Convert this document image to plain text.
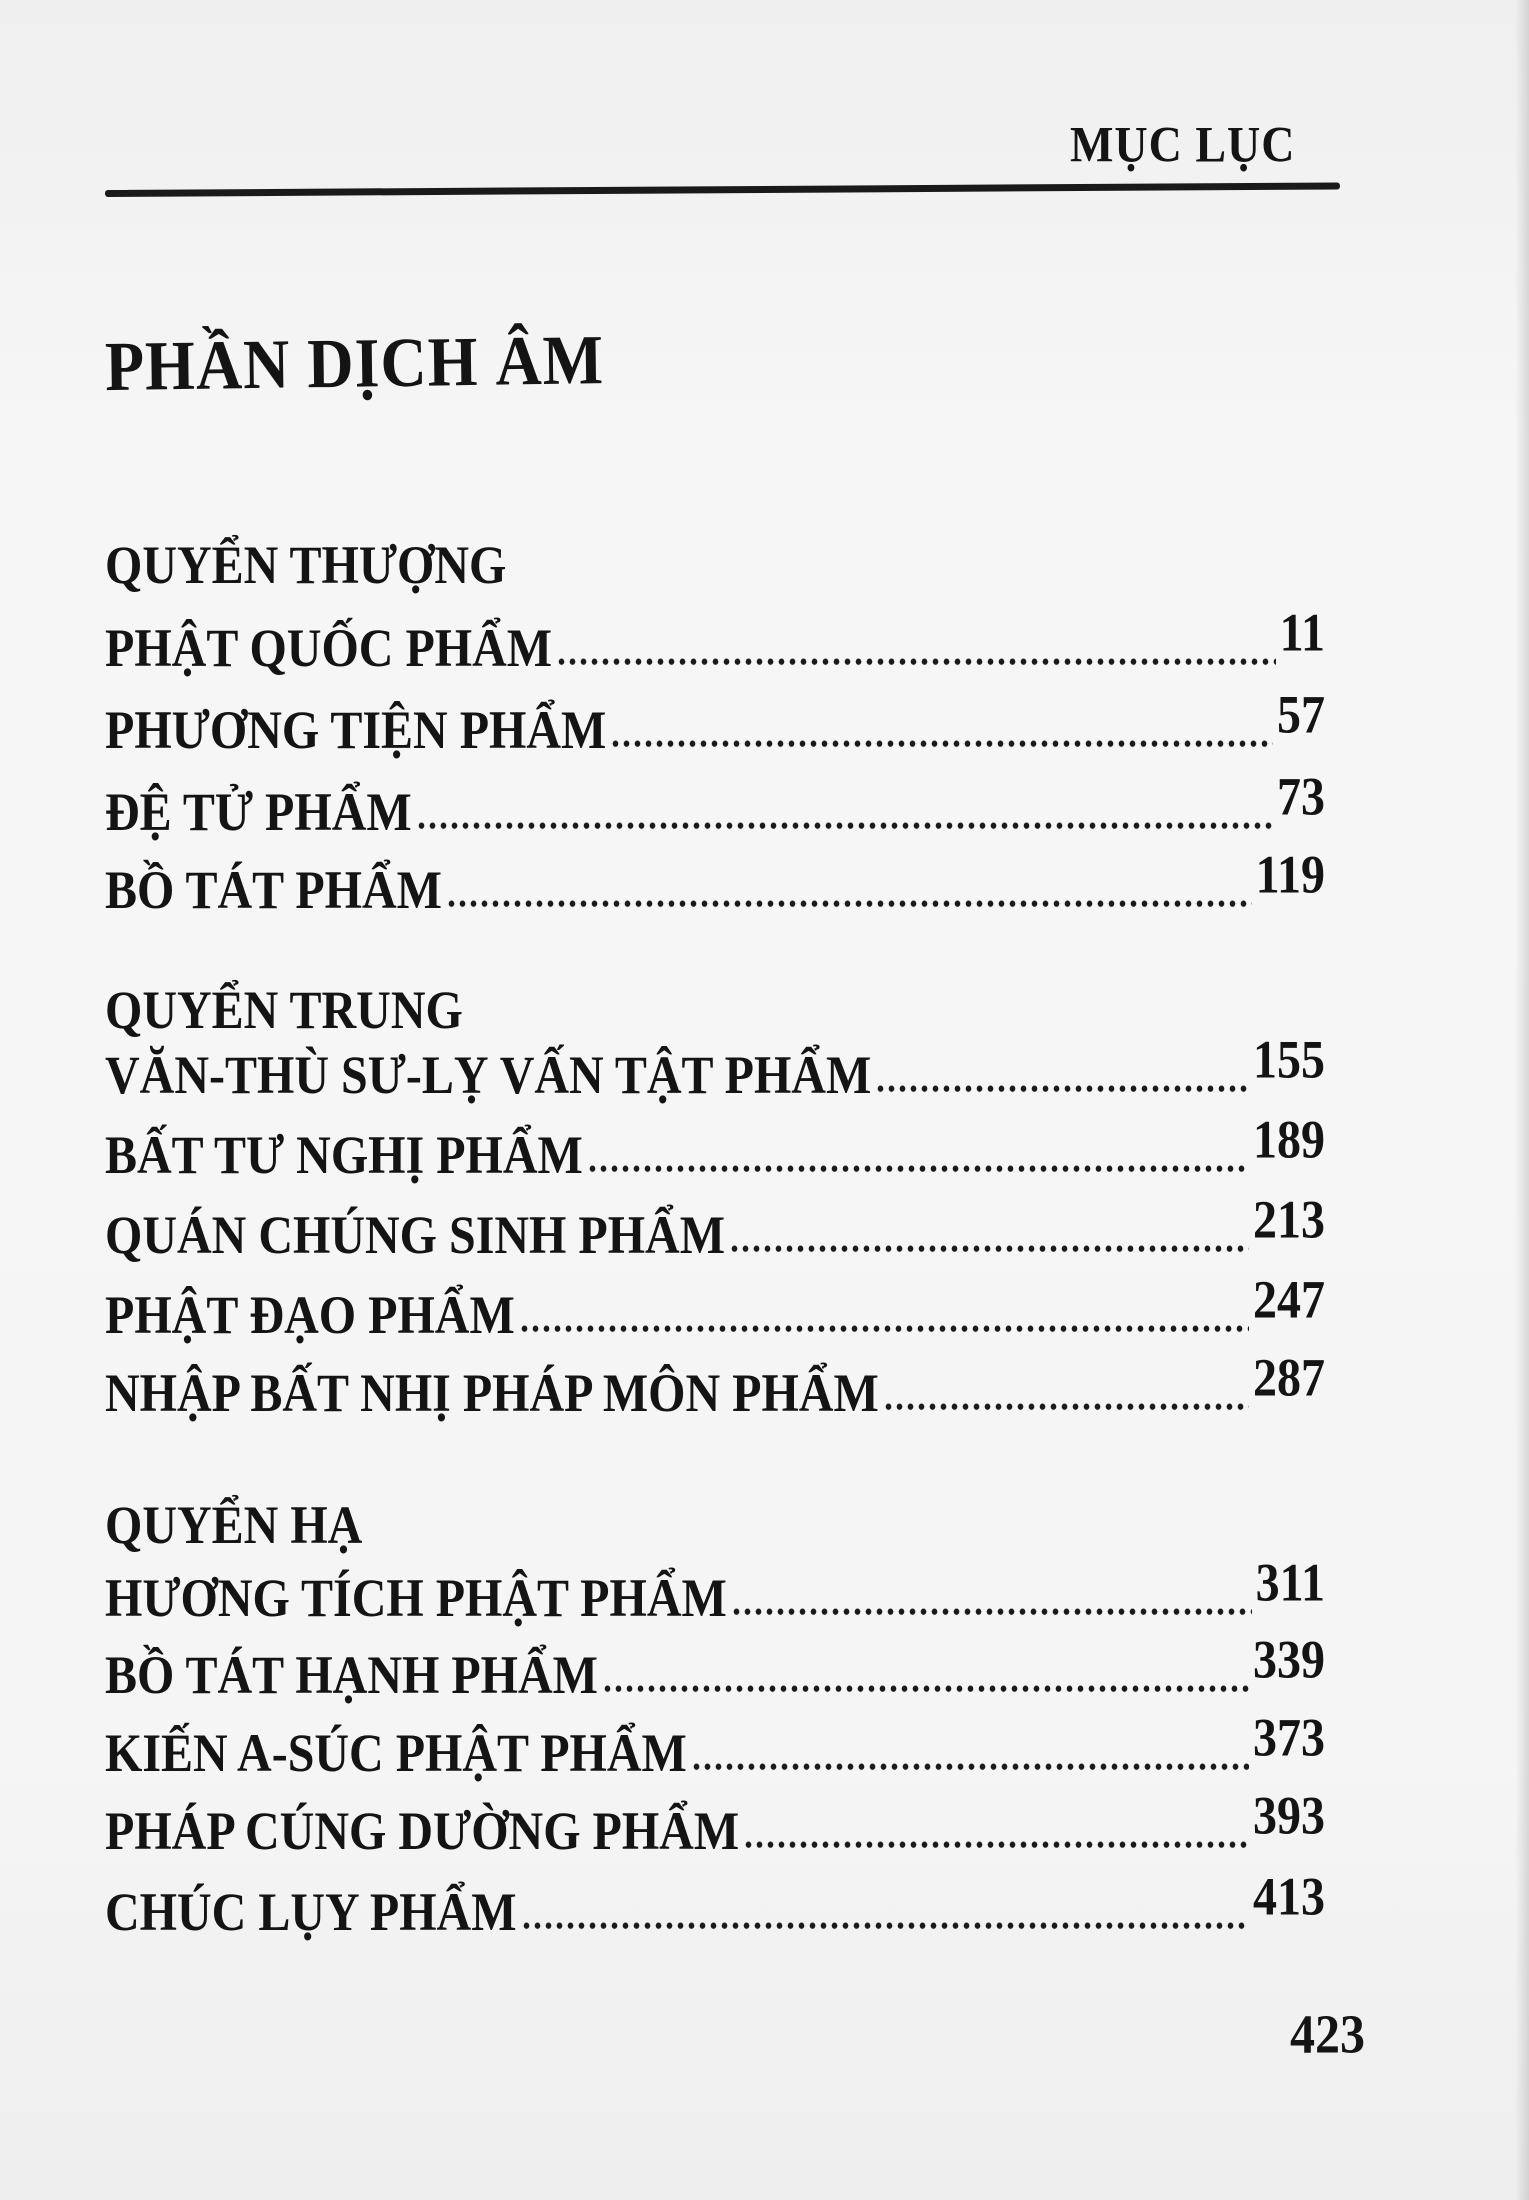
MỤC LỤC
PHẦN DỊCH ÂM
QUYỂN THƯỢNG
PHẬT QUỐC PHẨM	11
PHƯƠNG TIỆN PHẨM	57
ĐỆ TỬ PHẨM	73
BỒ TÁT PHẨM	119
QUYỂN TRUNG
VĂN-THÙ SƯ-LỴ VẤN TẬT PHẨM	155
BẤT TƯ NGHỊ PHẨM	189
QUÁN CHÚNG SINH PHẨM	213
PHẬT ĐẠO PHẨM	247
NHẬP BẤT NHỊ PHÁP MÔN PHẨM	287
QUYỂN HẠ
HƯƠNG TÍCH PHẬT PHẨM	311
BỒ TÁT HẠNH PHẨM	339
KIẾN A-SÚC PHẬT PHẨM	373
PHÁP CÚNG DƯỜNG PHẨM	393
CHÚC LỤY PHẨM	413
423
